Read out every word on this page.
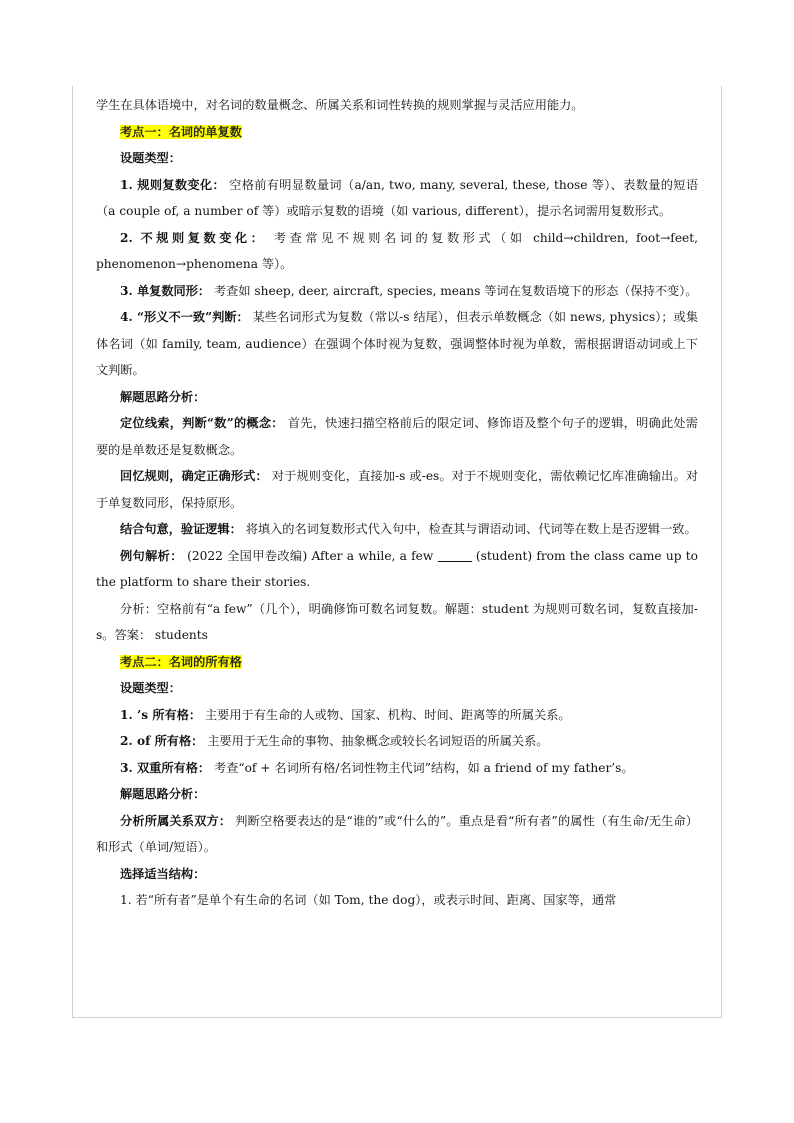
学生在具体语境中，对名词的数量概念、所属关系和词性转换的规则掌握与灵活应用能力。

考点一：名词的单复数

设题类型：

1. 规则复数变化： 空格前有明显数量词（a/an, two, many, several, these, those 等）、表数量的短语（a couple of, a number of 等）或暗示复数的语境（如 various, different），提示名词需用复数形式。

2. 不规则复数变化： 考查常见不规则名词的复数形式（如 child→children, foot→feet, phenomenon→phenomena 等）。

3. 单复数同形： 考查如 sheep, deer, aircraft, species, means 等词在复数语境下的形态（保持不变）。

4. “形义不一致”判断： 某些名词形式为复数（常以-s 结尾），但表示单数概念（如 news, physics）；或集体名词（如 family, team, audience）在强调个体时视为复数，强调整体时视为单数，需根据谓语动词或上下文判断。

解题思路分析：

定位线索，判断“数”的概念： 首先，快速扫描空格前后的限定词、修饰语及整个句子的逻辑，明确此处需要的是单数还是复数概念。

回忆规则，确定正确形式： 对于规则变化，直接加-s 或-es。对于不规则变化，需依赖记忆库准确输出。对于单复数同形，保持原形。

结合句意，验证逻辑： 将填入的名词复数形式代入句中，检查其与谓语动词、代词等在数上是否逻辑一致。

例句解析： (2022 全国甲卷改编) After a while, a few	(student) from the class came up to the platform to share their stories.

分析：空格前有“a few”（几个），明确修饰可数名词复数。解题：student 为规则可数名词，复数直接加-s。答案： students

考点二：名词的所有格

设题类型：

1. ’s 所有格： 主要用于有生命的人或物、国家、机构、时间、距离等的所属关系。

2. of 所有格： 主要用于无生命的事物、抽象概念或较长名词短语的所属关系。

3. 双重所有格： 考查“of + 名词所有格/名词性物主代词”结构，如 a friend of my father’s。

解题思路分析：

分析所属关系双方： 判断空格要表达的是“谁的”或“什么的”。重点是看“所有者”的属性（有生命/无生命）和形式（单词/短语）。

选择适当结构：

1. 若“所有者”是单个有生命的名词（如 Tom, the dog），或表示时间、距离、国家等，通常
